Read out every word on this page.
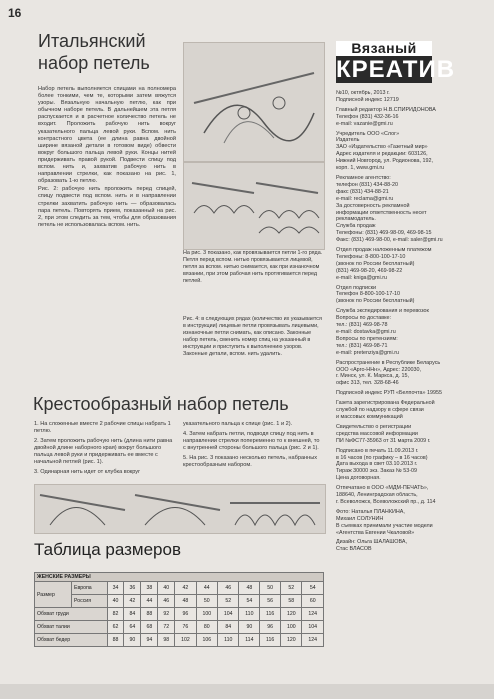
16
Итальянский
набор петель

Набор петель выполняется спицами на полномера более тонкими, чем те, которыми затем вяжутся узоры. Вязальную начальную петлю, как при обычном наборе петель. В дальнейшем эта петля распускается и в расчетное количество петель не входит. Проложить рабочую нить вокруг указательного пальца левой руки. Вспом. нить контрастного цвета (ее длина равна двойной ширине вязаной детали в готовом виде) обвести вокруг большого пальца левой руки. Концы нитей придерживать правой рукой. Подвести спицу под вспом. нить и, захватив рабочую нить в направлении стрелки, как показано на рис. 1, образовать 1-ю петлю.

Рис. 2: рабочую нить проложить перед спицей, спицу подвести под вспом. нить и в направлении стрелки захватить рабочую нить — образовалась пара петель. Повторять прием, показанный на рис. 2, при этом следить за тем, чтобы для образования петель не использовалась вспом. нить.

На рис. 3 показано, как провязывается петли 1-го ряда. Петля перед вспом. нитью провязывается лицевой, петля за вспом. нитью снимается, как при изнаночном вязании, при этом рабочая нить протягивается перед петлей.
Рис. 4: в следующих рядах (количество их указывается в инструкции) лицевые петли провязывать лицевыми, изнаночные петли снимать, как описано. Законные набор петель, сменить номер спиц на указанный в инструкции и приступить к выполнению узоров. Законные детали, вспом. нить удалить.
Крестообразный набор петель
1. На сложенные вместе 2 рабочие спицы набрать 1 петлю.
2. Затем проложить рабочую нить (длина нити равна двойной длине наборного края) вокруг большого пальца левой руки и придерживать ее вместе с начальной петлей (рис. 1).
3. Одинарная нить идет от клубка вокруг
указательного пальца к спице (рис. 1 и 2).
4. Затем набрать петли, подводя спицу под нить в направлении стрелки попеременно то к внешней, то с внутренней стороны большого пальца (рис. 2 и 1).
5. На рис. 3 показано несколько петель, набранных крестообразным набором.
Вязаный
КРЕАТИВ
№10, октябрь, 2013 г.
Подписной индекс 12719
Главный редактор Н.В.СПИРИДОНОВА
Телефон (831) 432-36-16
e-mail: vazanie@gmi.ru
Учредитель ООО «Слог»
Издатель
ЗАО «Издательство «Газетный мир»
Адрес издателя и редакции: 603126,
Нижний Новгород, ул. Родионова, 192,
корп. 1, www.gmi.ru
Рекламное агентство:
телефон (831) 434-88-20
факс (831) 434-88-21
e-mail: reclama@gmi.ru
За достоверность рекламной
информации ответственность несет
рекламодатель.
Служба продаж
Телефоны: (831) 469-98-09, 469-98-15
Факс: (831) 469-98-00, e-mail: saler@gmi.ru
Отдел продаж наложенным платежом
Телефоны: 8-800-100-17-10
(звонок по России бесплатный)
(831) 469-98-20, 469-98-22
e-mail: kniga@gmi.ru
Отдел подписки
Телефон 8-800-100-17-10
(звонок по России бесплатный)
Служба экспедирования и перевозок
Вопросы по доставке:
тел.: (831) 469-98-78
e-mail: dostavka@gmi.ru
Вопросы по претензиям:
тел.: (831) 469-98-71
e-mail: pretenziya@gmi.ru
Распространение в Республике Беларусь
ООО «Арго-ННн», Адрес: 220030,
г. Минск, ул. К. Маркса, д. 15,
офис 313, тел. 328-68-46
Подписной индекс РУП «Белпочта» 19955
Газета зарегистрирована Федеральной
службой по надзору в сфере связи
и массовых коммуникаций
Свидетельство о регистрации
средства массовой информации
ПИ №ФС77-35963 от 31 марта 2009 г.
Подписано в печать 11.09.2013 г.
в 16 часов (по графику – в 16 часов)
Дата выхода в свет 03.10.2013 г.
Тираж 30000 экз. Заказ № 53-09
Цена договорная.
Отпечатано в ООО «МДМ-ПЕЧАТЬ»,
188640, Ленинградская область,
г. Всеволожск, Всеволожский пр., д. 114
Фото: Наталья ПЛАНКИНА,
Михаил СОЛУНИН
В съемках принимали участие модели
«Агентства Евгении Чкаловой»
Дизайн: Ольга ШАЛАШОВА,
Стас ВЛАСОВ
Таблица размеров
ЖЕНСКИЕ РАЗМЕРЫ												
Размер	Европа	34	36	38	40	42	44	46	48	50	52	54
	Россия	40	42	44	46	48	50	52	54	56	58	60
Обхват груди		82	84	88	92	96	100	104	110	116	120	124
Обхват талии		62	64	68	72	76	80	84	90	96	100	104
Обхват бедер		88	90	94	98	102	106	110	114	116	120	124
